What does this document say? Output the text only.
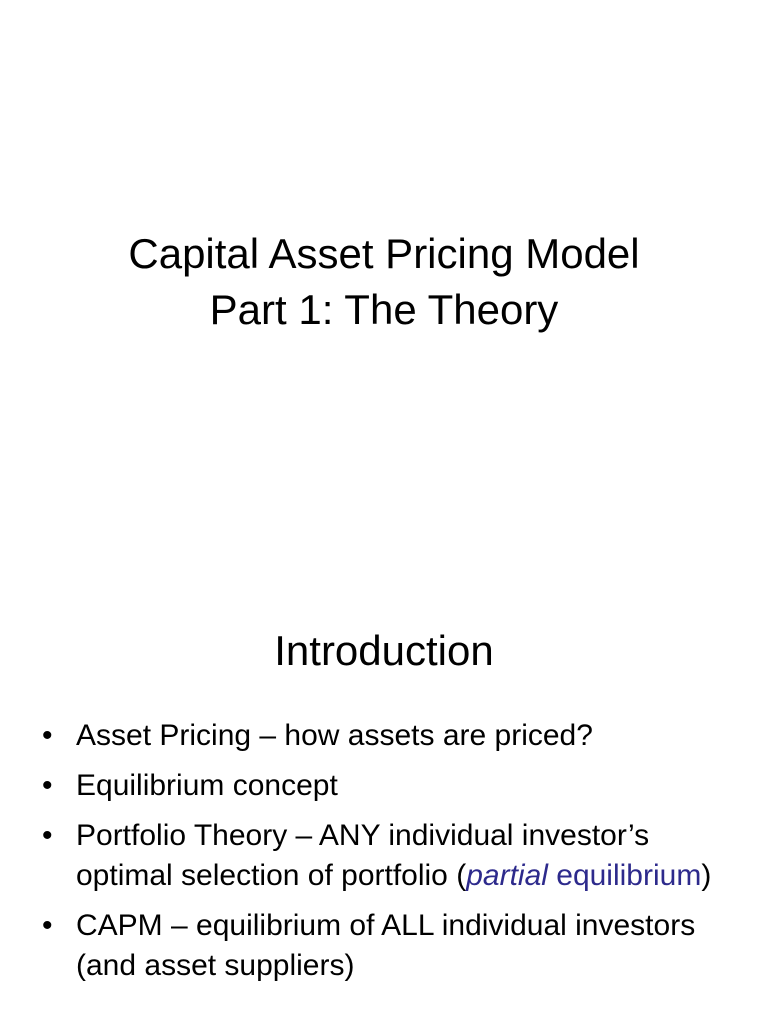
Capital Asset Pricing Model
Part 1: The Theory
Introduction
• Asset Pricing – how assets are priced?
• Equilibrium concept
• Portfolio Theory – ANY individual investor’s optimal selection of portfolio (partial equilibrium)
• CAPM – equilibrium of ALL individual investors (and asset suppliers)
